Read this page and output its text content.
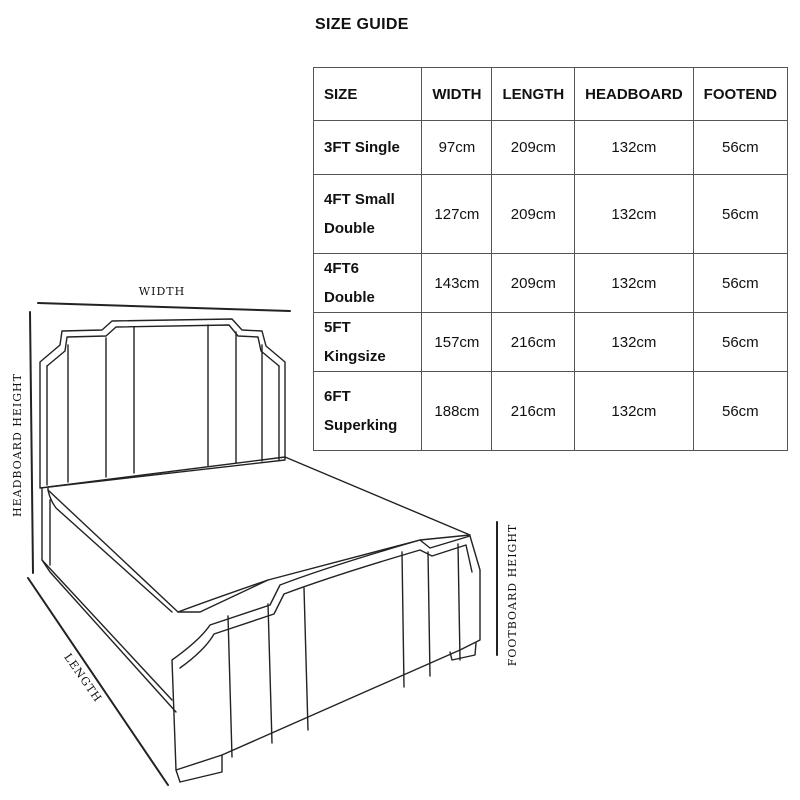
SIZE GUIDE
SIZE	WIDTH	LENGTH	HEADBOARD	FOOTEND
3FT Single	97cm	209cm	132cm	56cm
4FT Small
Double	127cm	209cm	132cm	56cm
4FT6 Double	143cm	209cm	132cm	56cm
5FT Kingsize	157cm	216cm	132cm	56cm
6FT
Superking	188cm	216cm	132cm	56cm
WIDTH
HEADBOARD HEIGHT
LENGTH
FOOTBOARD HEIGHT
